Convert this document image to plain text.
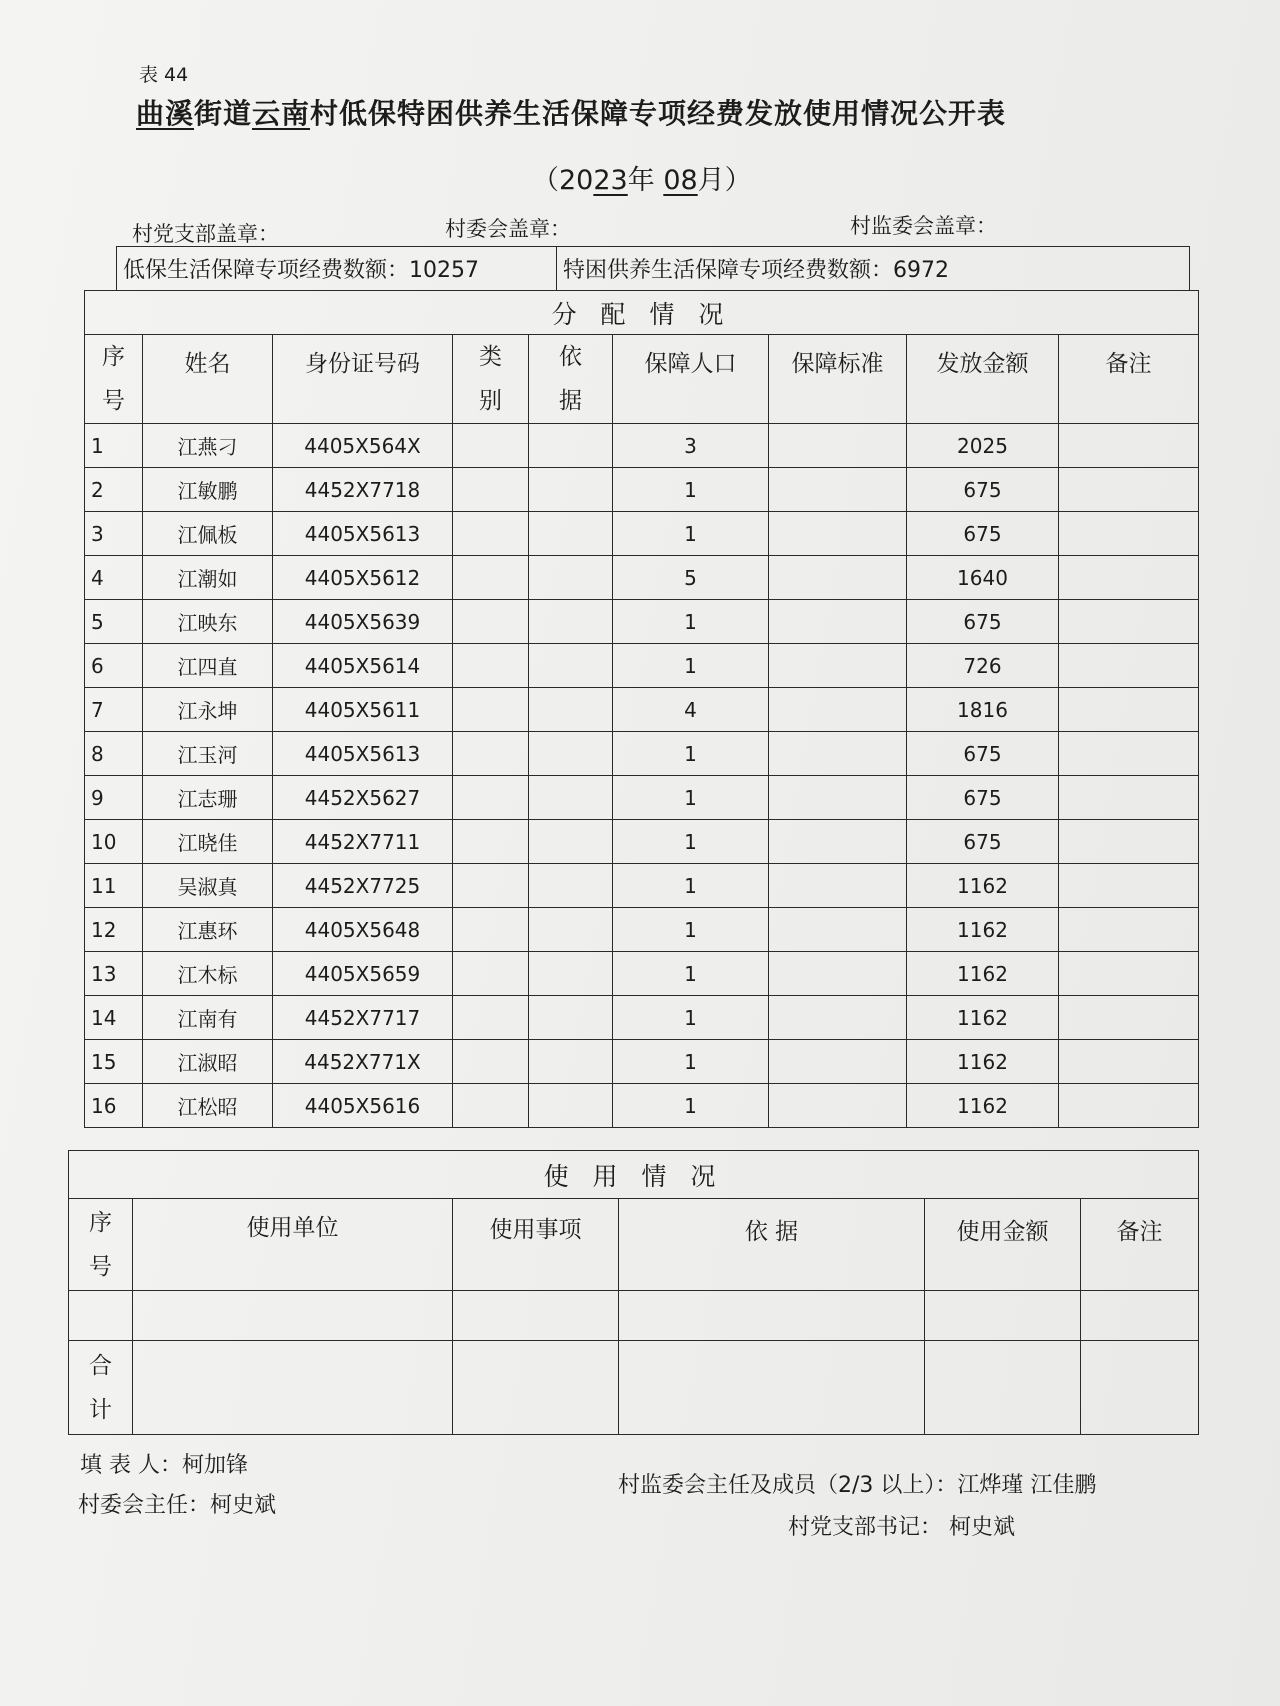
表 44
曲溪街道云南村低保特困供养生活保障专项经费发放使用情况公开表
（2023年 08月）
村党支部盖章：	村委会盖章：	村监委会盖章：
低保生活保障专项经费数额：10257	特困供养生活保障专项经费数额：6972
分 配 情 况								
序
号	姓名	身份证号码	类
别	依
据	保障人口	保障标准	发放金额	备注
1	江燕刁	4405X564X			3		2025	
2	江敏鹏	4452X7718			1		675	
3	江佩板	4405X5613			1		675	
4	江潮如	4405X5612			5		1640	
5	江映东	4405X5639			1		675	
6	江四直	4405X5614			1		726	
7	江永坤	4405X5611			4		1816	
8	江玉河	4405X5613			1		675	
9	江志珊	4452X5627			1		675	
10	江晓佳	4452X7711			1		675	
11	吴淑真	4452X7725			1		1162	
12	江惠环	4405X5648			1		1162	
13	江木标	4405X5659			1		1162	
14	江南有	4452X7717			1		1162	
15	江淑昭	4452X771X			1		1162	
16	江松昭	4405X5616			1		1162	
使 用 情 况					
序
号	使用单位	使用事项	依 据	使用金额	备注

合
计					
填 表 人：柯加锋
村委会主任：柯史斌
村监委会主任及成员（2/3 以上）：江烨瑾 江佳鹏
村党支部书记： 柯史斌
